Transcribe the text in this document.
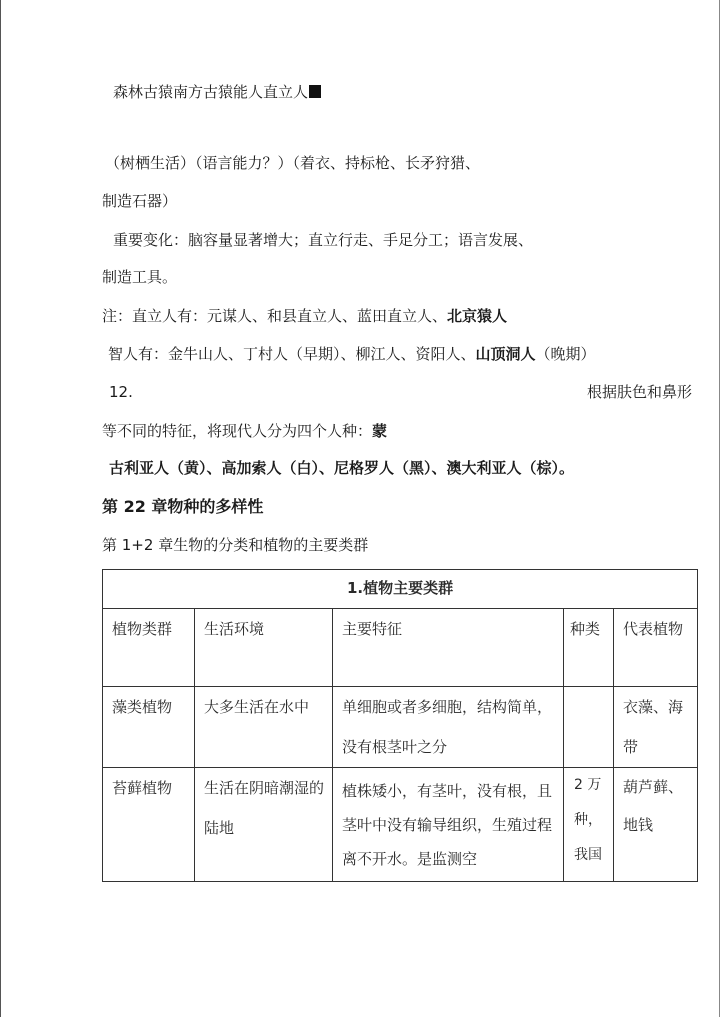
森林古猿南方古猿能人直立人
（树栖生活）（语言能力？）（着衣、持标枪、长矛狩猎、
制造石器）
重要变化：脑容量显著增大；直立行走、手足分工；语言发展、
制造工具。
注：直立人有：元谋人、和县直立人、蓝田直立人、北京猿人
智人有：金牛山人、丁村人（早期）、柳江人、资阳人、山顶洞人（晚期）
12.	根据肤色和鼻形
等不同的特征，将现代人分为四个人种：蒙
古利亚人（黄）、高加索人（白）、尼格罗人（黑）、澳大利亚人（棕）。
第 22 章物种的多样性
第 1+2 章生物的分类和植物的主要类群
1.植物主要类群				
植物类群	生活环境	主要特征	种类	代表植物
藻类植物	大多生活在水中	单细胞或者多细胞，结构简单，没有根茎叶之分		衣藻、海带
苔藓植物	生活在阴暗潮湿的陆地	植株矮小，有茎叶，没有根，且茎叶中没有输导组织，生殖过程离不开水。是监测空	2 万种，我国	葫芦藓、地钱
